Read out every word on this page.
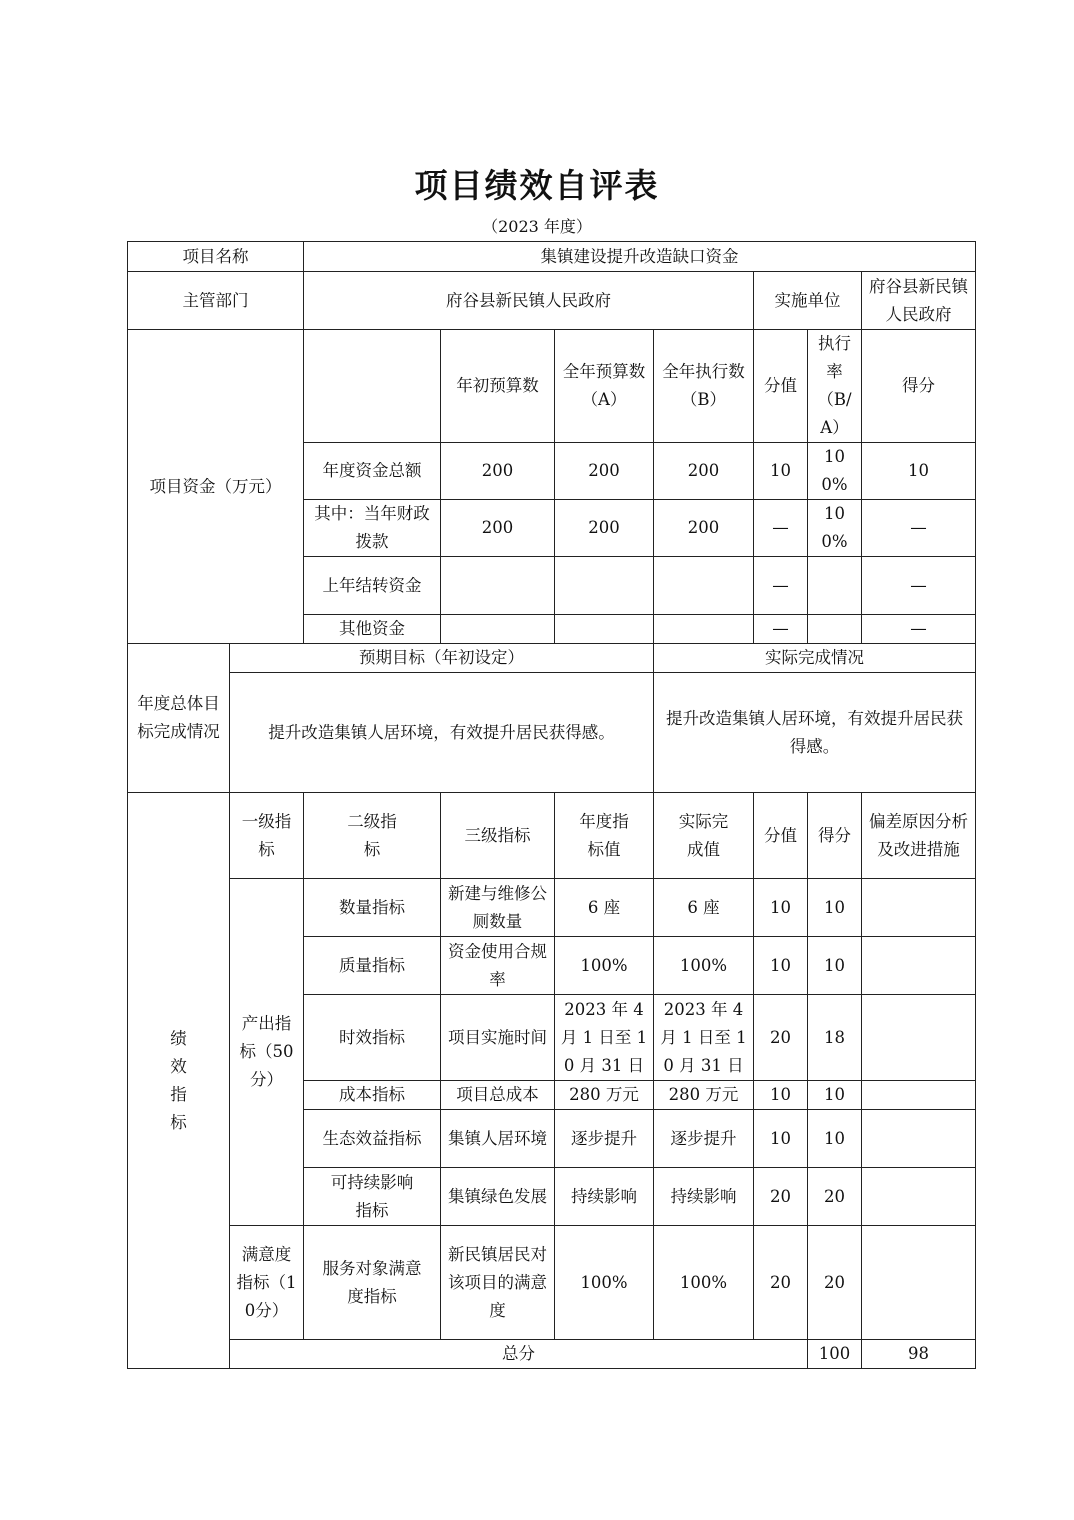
项目绩效自评表
（2023 年度）
项目名称		集镇建设提升改造缺口资金							
主管部门		府谷县新民镇人民政府				实施单位		府谷县新民镇人民政府	
项目资金（万元）			年初预算数	全年预算数（A）	全年执行数（B）	分值	执行率（B/A）	得分	
		年度资金总额	200	200	200	10	100%	10	
		其中：当年财政拨款	200	200	200	—	100%	—	
		上年结转资金				—		—	
		其他资金				—		—	
年度总体目标完成情况	预期目标（年初设定）				实际完成情况				
	提升改造集镇人居环境，有效提升居民获得感。				提升改造集镇人居环境，有效提升居民获得感。				
绩效指标	一级指标	二级指标	三级指标	年度指标值	实际完成值	分值	得分	偏差原因分析及改进措施	
	产出指标（50分）	数量指标	新建与维修公厕数量	6 座	6 座	10	10		
		质量指标	资金使用合规率	100%	100%	10	10		
		时效指标	项目实施时间	2023 年 4 月 1 日至 10 月 31 日	2023 年 4 月 1 日至 10 月 31 日	20	18		
		成本指标	项目总成本	280 万元	280 万元	10	10		
		生态效益指标	集镇人居环境	逐步提升	逐步提升	10	10		
		可持续影响指标	集镇绿色发展	持续影响	持续影响	20	20		
	满意度指标（10分）	服务对象满意度指标	新民镇居民对该项目的满意度	100%	100%	20	20		
	总分						100	98	
